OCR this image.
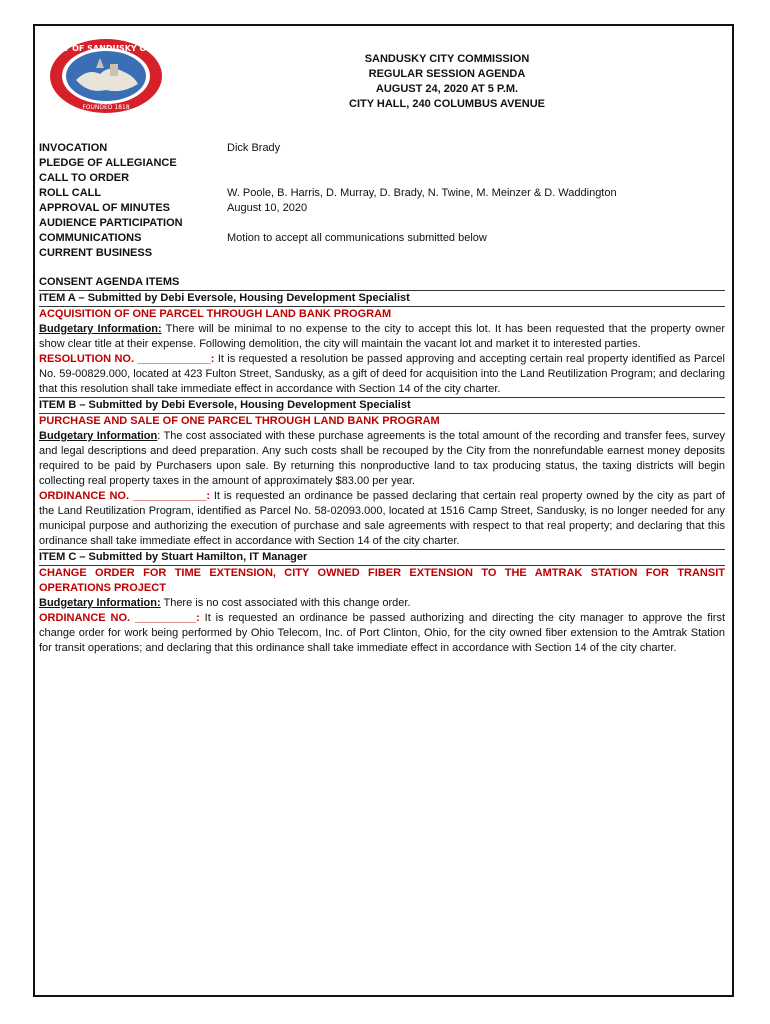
CITY OF SANDUSKY OHIO
FOUNDED 1818
SANDUSKY CITY COMMISSION
REGULAR SESSION AGENDA
AUGUST 24, 2020 AT 5 P.M.
CITY HALL, 240 COLUMBUS AVENUE
INVOCATION	Dick Brady
PLEDGE OF ALLEGIANCE
CALL TO ORDER
ROLL CALL	W. Poole, B. Harris, D. Murray, D. Brady, N. Twine, M. Meinzer & D. Waddington
APPROVAL OF MINUTES	August 10, 2020
AUDIENCE PARTICIPATION
COMMUNICATIONS	Motion to accept all communications submitted below
CURRENT BUSINESS
CONSENT AGENDA ITEMS
ITEM A – Submitted by Debi Eversole, Housing Development Specialist
ACQUISITION OF ONE PARCEL THROUGH LAND BANK PROGRAM
Budgetary Information: There will be minimal to no expense to the city to accept this lot. It has been requested that the property owner show clear title at their expense. Following demolition, the city will maintain the vacant lot and market it to interested parties.
RESOLUTION NO. ____________: It is requested a resolution be passed approving and accepting certain real property identified as Parcel No. 59-00829.000, located at 423 Fulton Street, Sandusky, as a gift of deed for acquisition into the Land Reutilization Program; and declaring that this resolution shall take immediate effect in accordance with Section 14 of the city charter.
ITEM B – Submitted by Debi Eversole, Housing Development Specialist
PURCHASE AND SALE OF ONE PARCEL THROUGH LAND BANK PROGRAM
Budgetary Information: The cost associated with these purchase agreements is the total amount of the recording and transfer fees, survey and legal descriptions and deed preparation. Any such costs shall be recouped by the City from the nonrefundable earnest money deposits required to be paid by Purchasers upon sale. By returning this nonproductive land to tax producing status, the taxing districts will begin collecting real property taxes in the amount of approximately $83.00 per year.
ORDINANCE NO. ____________: It is requested an ordinance be passed declaring that certain real property owned by the city as part of the Land Reutilization Program, identified as Parcel No. 58-02093.000, located at 1516 Camp Street, Sandusky, is no longer needed for any municipal purpose and authorizing the execution of purchase and sale agreements with respect to that real property; and declaring that this ordinance shall take immediate effect in accordance with Section 14 of the city charter.
ITEM C – Submitted by Stuart Hamilton, IT Manager
CHANGE ORDER FOR TIME EXTENSION, CITY OWNED FIBER EXTENSION TO THE AMTRAK STATION FOR TRANSIT OPERATIONS PROJECT
Budgetary Information: There is no cost associated with this change order.
ORDINANCE NO. __________: It is requested an ordinance be passed authorizing and directing the city manager to approve the first change order for work being performed by Ohio Telecom, Inc. of Port Clinton, Ohio, for the city owned fiber extension to the Amtrak Station for transit operations; and declaring that this ordinance shall take immediate effect in accordance with Section 14 of the city charter.
